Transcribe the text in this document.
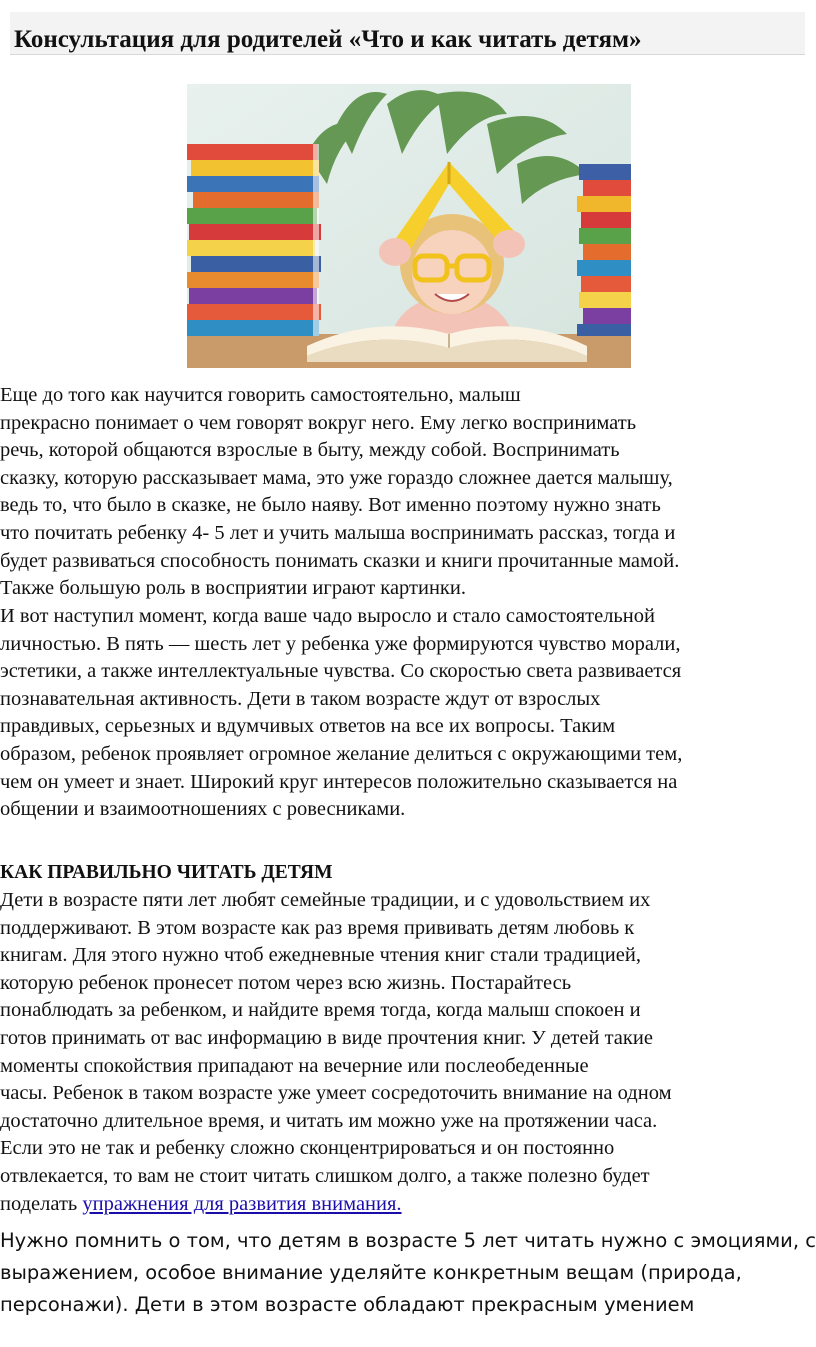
Консультация для родителей «Что и как читать детям»

Еще до того как научится говорить самостоятельно, малыш
прекрасно понимает о чем говорят вокруг него. Ему легко воспринимать
речь, которой общаются взрослые в быту, между собой. Воспринимать
сказку, которую рассказывает мама, это уже гораздо сложнее дается малышу,
ведь то, что было в сказке, не было наяву. Вот именно поэтому нужно знать
что почитать ребенку 4- 5 лет и учить малыша воспринимать рассказ, тогда и
будет развиваться способность понимать сказки и книги прочитанные мамой.
Также большую роль в восприятии играют картинки.

И вот наступил момент, когда ваше чадо выросло и стало самостоятельной
личностью. В пять — шесть лет у ребенка уже формируются чувство морали,
эстетики, а также интеллектуальные чувства. Со скоростью света развивается
познавательная активность. Дети в таком возрасте ждут от взрослых
правдивых, серьезных и вдумчивых ответов на все их вопросы. Таким
образом, ребенок проявляет огромное желание делиться с окружающими тем,
чем он умеет и знает. Широкий круг интересов положительно сказывается на
общении и взаимоотношениях с ровесниками.

КАК ПРАВИЛЬНО ЧИТАТЬ ДЕТЯМ

Дети в возрасте пяти лет любят семейные традиции, и с удовольствием их
поддерживают. В этом возрасте как раз время прививать детям любовь к
книгам. Для этого нужно чтоб ежедневные чтения книг стали традицией,
которую ребенок пронесет потом через всю жизнь. Постарайтесь
понаблюдать за ребенком, и найдите время тогда, когда малыш спокоен и
готов принимать от вас информацию в виде прочтения книг. У детей такие
моменты спокойствия припадают на вечерние или послеобеденные
часы. Ребенок в таком возрасте уже умеет сосредоточить внимание на одном
достаточно длительное время, и читать им можно уже на протяжении часа.
Если это не так и ребенку сложно сконцентрироваться и он постоянно
отвлекается, то вам не стоит читать слишком долго, а также полезно будет
поделать упражнения для развития внимания.

Нужно помнить о том, что детям в возрасте 5 лет читать нужно с эмоциями, с
выражением, особое внимание уделяйте конкретным вещам (природа,
персонажи). Дети в этом возрасте обладают прекрасным умением
